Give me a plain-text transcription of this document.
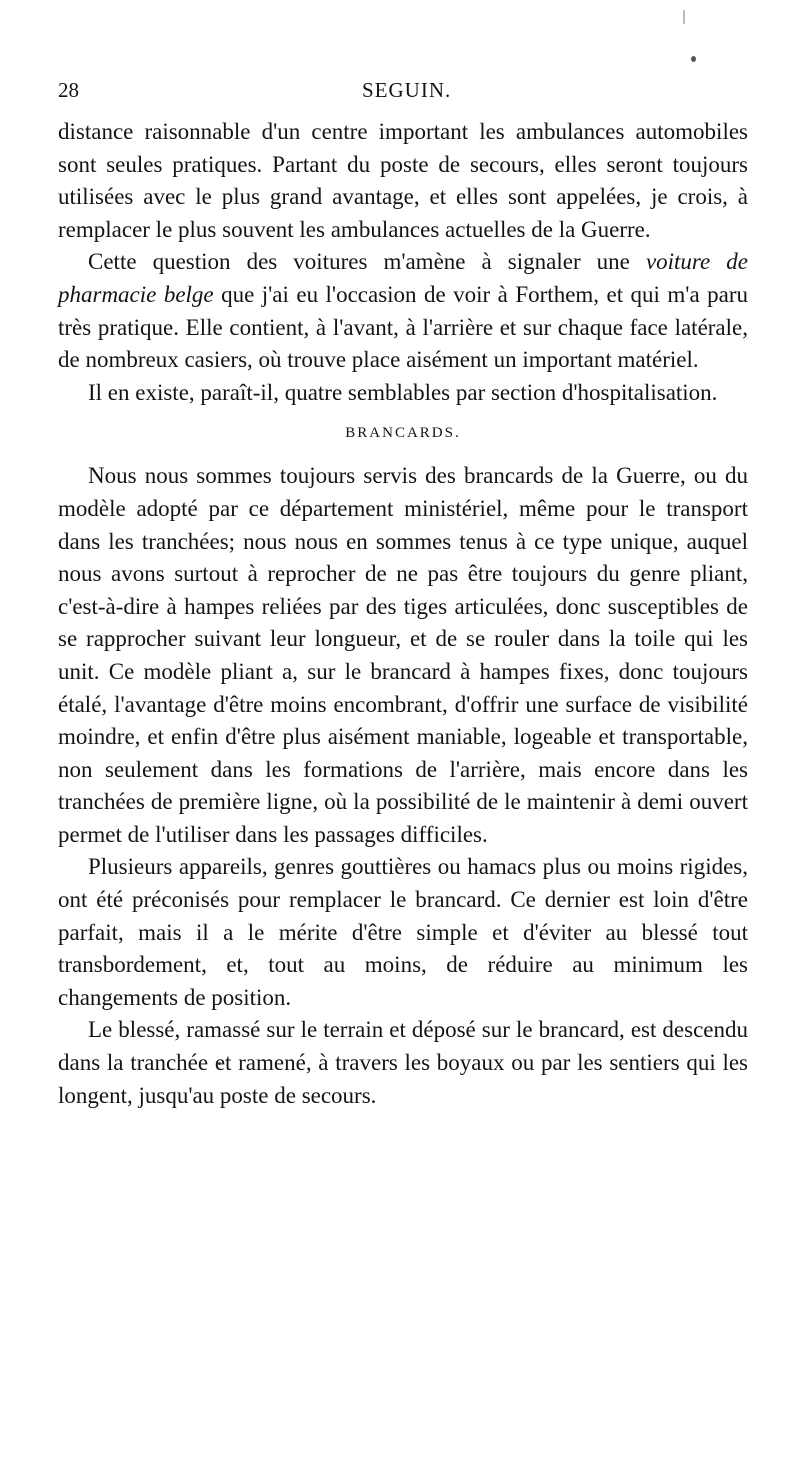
28	SEGUIN.

distance raisonnable d'un centre important les ambulances automobiles sont seules pratiques. Partant du poste de secours, elles seront toujours utilisées avec le plus grand avantage, et elles sont appelées, je crois, à remplacer le plus souvent les ambulances actuelles de la Guerre.

Cette question des voitures m'amène à signaler une voiture de pharmacie belge que j'ai eu l'occasion de voir à Forthem, et qui m'a paru très pratique. Elle contient, à l'avant, à l'arrière et sur chaque face latérale, de nombreux casiers, où trouve place aisément un important matériel.

Il en existe, paraît-il, quatre semblables par section d'hospitalisation.

BRANCARDS.

Nous nous sommes toujours servis des brancards de la Guerre, ou du modèle adopté par ce département ministériel, même pour le transport dans les tranchées; nous nous en sommes tenus à ce type unique, auquel nous avons surtout à reprocher de ne pas être toujours du genre pliant, c'est-à-dire à hampes reliées par des tiges articulées, donc susceptibles de se rapprocher suivant leur longueur, et de se rouler dans la toile qui les unit. Ce modèle pliant a, sur le brancard à hampes fixes, donc toujours étalé, l'avantage d'être moins encombrant, d'offrir une surface de visibilité moindre, et enfin d'être plus aisément maniable, logeable et transportable, non seulement dans les formations de l'arrière, mais encore dans les tranchées de première ligne, où la possibilité de le maintenir à demi ouvert permet de l'utiliser dans les passages difficiles.

Plusieurs appareils, genres gouttières ou hamacs plus ou moins rigides, ont été préconisés pour remplacer le brancard. Ce dernier est loin d'être parfait, mais il a le mérite d'être simple et d'éviter au blessé tout transbordement, et, tout au moins, de réduire au minimum les changements de position.

Le blessé, ramassé sur le terrain et déposé sur le brancard, est descendu dans la tranchée et ramené, à travers les boyaux ou par les sentiers qui les longent, jusqu'au poste de secours.
